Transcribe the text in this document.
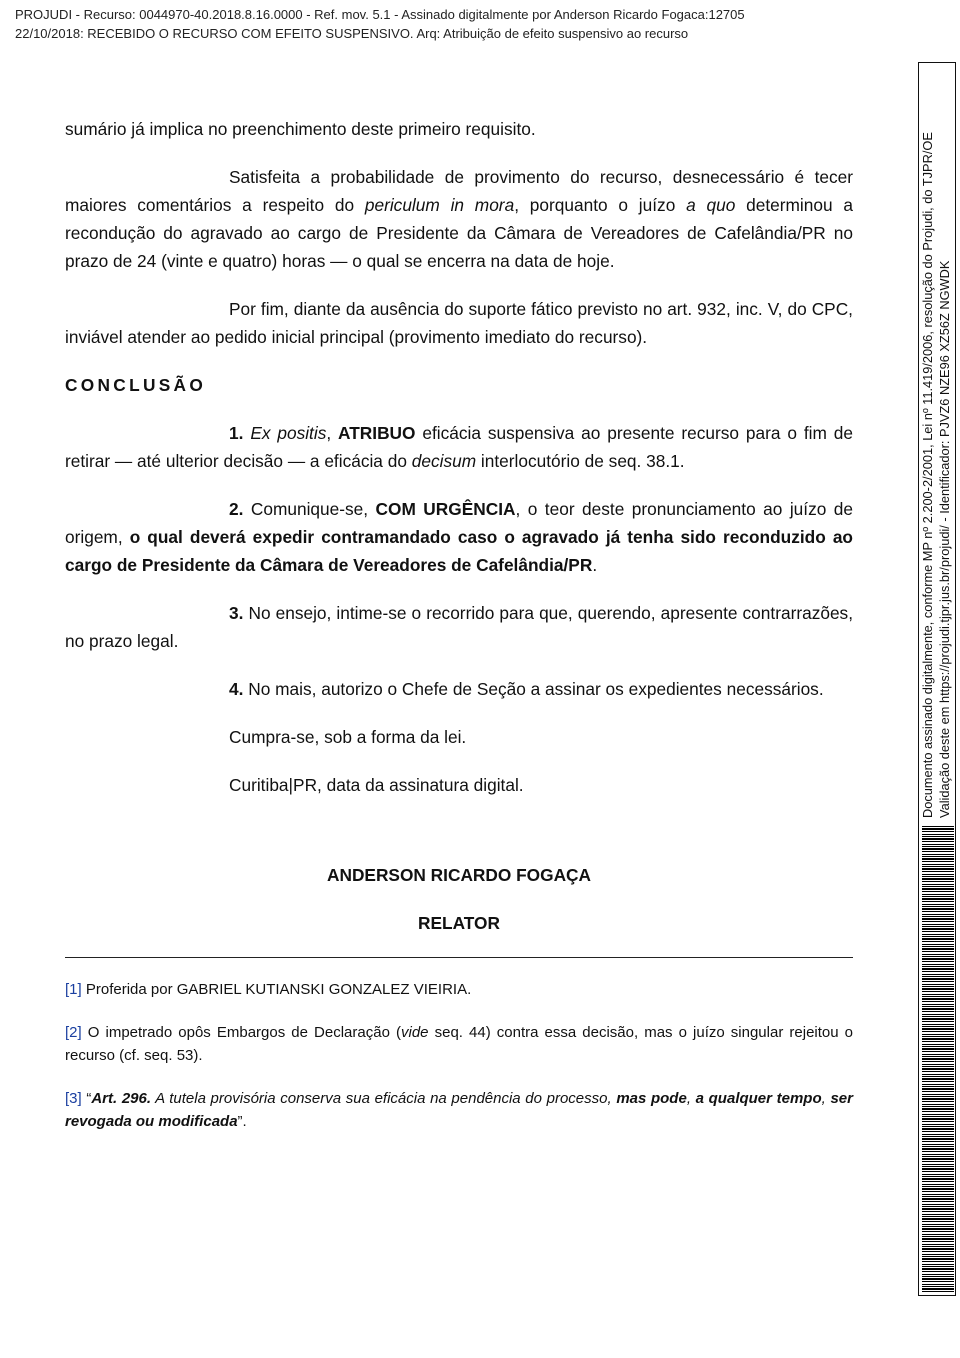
PROJUDI - Recurso: 0044970-40.2018.8.16.0000 - Ref. mov. 5.1 - Assinado digitalmente por Anderson Ricardo Fogaca:12705
22/10/2018: RECEBIDO O RECURSO COM EFEITO SUSPENSIVO. Arq: Atribuição de efeito suspensivo ao recurso

sumário já implica no preenchimento deste primeiro requisito.

Satisfeita a probabilidade de provimento do recurso, desnecessário é tecer maiores comentários a respeito do periculum in mora, porquanto o juízo a quo determinou a recondução do agravado ao cargo de Presidente da Câmara de Vereadores de Cafelândia/PR no prazo de 24 (vinte e quatro) horas — o qual se encerra na data de hoje.

Por fim, diante da ausência do suporte fático previsto no art. 932, inc. V, do CPC, inviável atender ao pedido inicial principal (provimento imediato do recurso).

CONCLUSÃO

1. Ex positis, ATRIBUO eficácia suspensiva ao presente recurso para o fim de retirar — até ulterior decisão — a eficácia do decisum interlocutório de seq. 38.1.

2. Comunique-se, COM URGÊNCIA, o teor deste pronunciamento ao juízo de origem, o qual deverá expedir contramandado caso o agravado já tenha sido reconduzido ao cargo de Presidente da Câmara de Vereadores de Cafelândia/PR.

3. No ensejo, intime-se o recorrido para que, querendo, apresente contrarrazões, no prazo legal.

4. No mais, autorizo o Chefe de Seção a assinar os expedientes necessários.

Cumpra-se, sob a forma da lei.

Curitiba|PR, data da assinatura digital.

ANDERSON RICARDO FOGAÇA

RELATOR

[1] Proferida por GABRIEL KUTIANSKI GONZALEZ VIEIRIA.

[2] O impetrado opôs Embargos de Declaração (vide seq. 44) contra essa decisão, mas o juízo singular rejeitou o recurso (cf. seq. 53).

[3] “Art. 296. A tutela provisória conserva sua eficácia na pendência do processo, mas pode, a qualquer tempo, ser revogada ou modificada”.

Documento assinado digitalmente, conforme MP nº 2.200-2/2001, Lei nº 11.419/2006, resolução do Projudi, do TJPR/OE Validação deste em https://projudi.tjpr.jus.br/projudi/ - Identificador: PJVZ6 NZE96 XZ56Z NGWDK
